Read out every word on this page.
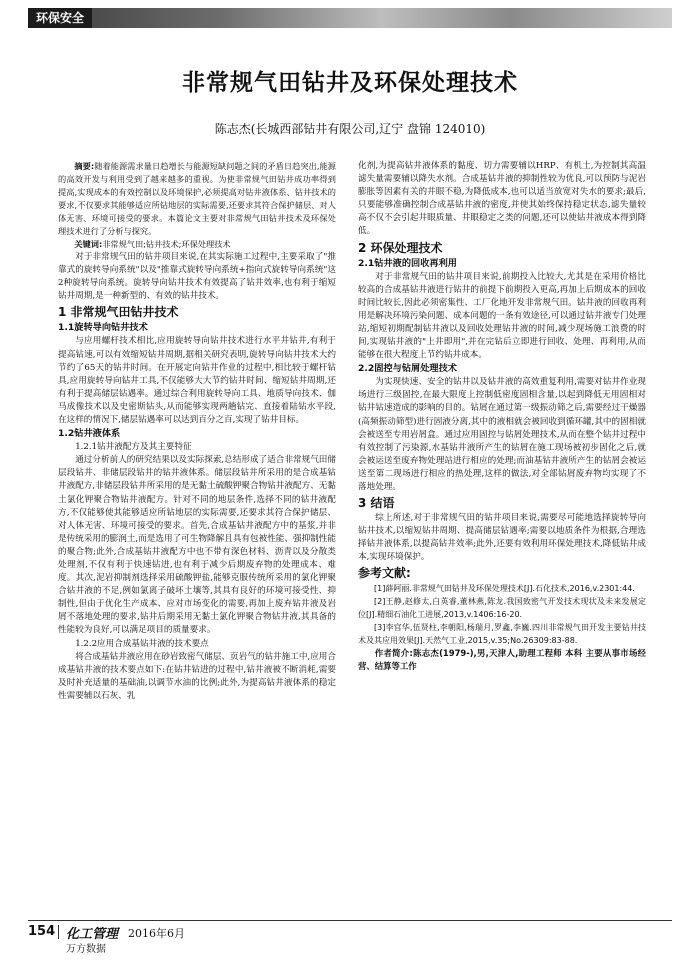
环保安全
非常规气田钻井及环保处理技术
陈志杰(长城西部钻井有限公司,辽宁 盘锦 124010)

摘要:随着能源需求量日趋增长与能源短缺问题之间的矛盾日趋突出,能源的高效开发与利用受到了越来越多的重视。为使非常规气田钻井成功率得到提高,实现成本的有效控制以及环境保护,必须提高对钻井液体系、钻井技术的要求,不仅要求其能够适应所钻地层的实际需要,还要求其符合保护储层、对人体无害、环境可接受的要求。本篇论文主要对非常规气田钻井技术及环保处理技术进行了分析与探究。

关键词:非常规气田;钻井技术;环保处理技术

对于非常规气田的钻井项目来说,在其实际施工过程中,主要采取了"推靠式的旋转导向系统"以及"推靠式旋转导向系统+指向式旋转导向系统"这2种旋转导向系统。旋转导向钻井技术有效提高了钻井效率,也有利于缩短钻井周期,是一种新型的、有效的钻井技术。

1 非常规气田钻井技术
1.1旋转导向钻井技术

与应用螺杆技术相比,应用旋转导向钻井技术进行水平井钻井,有利于提高钻速,可以有效缩短钻井周期,据相关研究表明,旋转导向钻井技术大约节约了65天的钻井时间。在开展定向钻井作业的过程中,相比较于螺杆钻具,应用旋转导向钻井工具,不仅能够大大节约钻井时间、缩短钻井周期,还有利于提高储层钻遇率。通过综合利用旋转导向工具、地质导向技术、伽马成像技术以及史密斯钻头,从而能够实现两趟钻完、直接着陆钻水平段,在这样的情况下,储层钻遇率可以达到百分之百,实现了钻井目标。

1.2钻井液体系
1.2.1钻井液配方及其主要特征

通过分析前人的研究结果以及实际探索,总结形成了适合非常规气田储层段钻井、非储层段钻井的钻井液体系。储层段钻井所采用的是合成基钻井液配方,非储层段钻井所采用的是无黏土硫酸钾聚合物钻井液配方、无黏土氯化钾聚合物钻井液配方。针对不同的地层条件,选择不同的钻井液配方,不仅能够使其能够适应所钻地层的实际需要,还要求其符合保护储层、对人体无害、环境可接受的要求。首先,合成基钻井液配方中的基浆,并非是传统采用的膨润土,而是选用了可生物降解且具有包被性能、强抑制性能的聚合物;此外,合成基钻井液配方中也不带有深色材料、沥青以及分散类处理剂,不仅有利于快速钻进,也有利于减少后期废弃物的处理成本、难度。其次,泥岩抑制剂选择采用硫酸钾盐,能够克服传统所采用的氯化钾聚合钻井液的不足,例如氯离子破坏土壤等,其具有良好的环境可接受性、抑制性,但由于优化生产成本、应对市场变化的需要,再加上废弃钻井液及岩屑不落地处理的要求,钻井后期采用无黏土氯化钾聚合物钻井液,其具备的性能较为良好,可以满足项目的质量要求。

1.2.2应用合成基钻井液的技术要点

将合成基钻井液应用在砂岩致密气储层、页岩气的钻井施工中,应用合成基钻井液的技术要点如下:在钻井钻进的过程中,钻井液被不断消耗,需要及时补充适量的基础油,以调节水油的比例;此外,为提高钻井液体系的稳定性需要辅以石灰、乳

化剂,为提高钻井液体系的黏度、切力需要辅以HRP、有机土,为控制其高温滤失量需要辅以降失水剂。合成基钻井液的抑制性较为优良,可以预防与泥岩膨胀等因素有关的井眼不稳,为降低成本,也可以适当放宽对失水的要求;最后,只要能够准确控制合成基钻井液的密度,并使其始终保持稳定状态,滤失量较高不仅不会引起井眼质量、井眼稳定之类的问题,还可以使钻井液成本得到降低。

2 环保处理技术
2.1钻井液的回收再利用

对于非常规气田的钻井项目来说,前期投入比较大,尤其是在采用价格比较高的合成基钻井液进行钻井的前提下前期投入更高,再加上后期成本的回收时间比较长,因此必须密集性、工厂化地开发非常规气田。钻井液的回收再利用是解决环境污染问题、成本问题的一条有效途径,可以通过钻井液专门处理站,缩短初期配制钻井液以及回收处理钻井液的时间,减少现场施工浪费的时间,实现钻井液的"上井即用",并在完钻后立即进行回收、处理、再利用,从而能够在很大程度上节约钻井成本。

2.2固控与钻屑处理技术

为实现快速、安全的钻井以及钻井液的高效重复利用,需要对钻井作业现场进行三级固控,在最大限度上控制低密度固相含量,以起到降低无用固相对钻井钻速造成的影响的目的。钻屑在通过第一级振动筛之后,需要经过干燥器(高频振动筛型)进行固液分离,其中的液相就会被回收到循环罐,其中的固相就会被送至专用岩屑盒。通过应用固控与钻屑处理技术,从而在整个钻井过程中有效控制了污染源,水基钻井液所产生的钻屑在施工现场被初步固化之后,就会被运送至废弃物处理站进行相应的处理;而油基钻井液所产生的钻屑会被运送至第二现场进行相应的热处理,这样的做法,对全部钻屑废弃物均实现了不落地处理。

3 结语

综上所述,对于非常规气田的钻井项目来说,需要尽可能地选择旋转导向钻井技术,以缩短钻井周期、提高储层钻遇率;需要以地质条件为根据,合理选择钻井液体系,以提高钻井效率;此外,还要有效利用环保处理技术,降低钻井成本,实现环境保护。

参考文献:

[1]薛阿丽.非常规气田钻井及环保处理技术[J].石化技术,2016,v.2301:44.

[2]王静,赵修太,白英睿,董林燕,陈龙.我国致密气开发技术现状及未来发展定位[J].精细石油化工进展,2013,v.1406:16-20.

[3]李官华,伍贤柱,李朝阳,杨瑞月,罗鑫,李巍.四川非常规气田开发主要钻井技术及其应用效果[J].天然气工业,2015,v.35;No.26309:83-88.

作者简介:陈志杰(1979-),男,天津人,助理工程师 本科 主要从事市场经营、结算等工作

154 化工管理 2016年6月
万方数据
